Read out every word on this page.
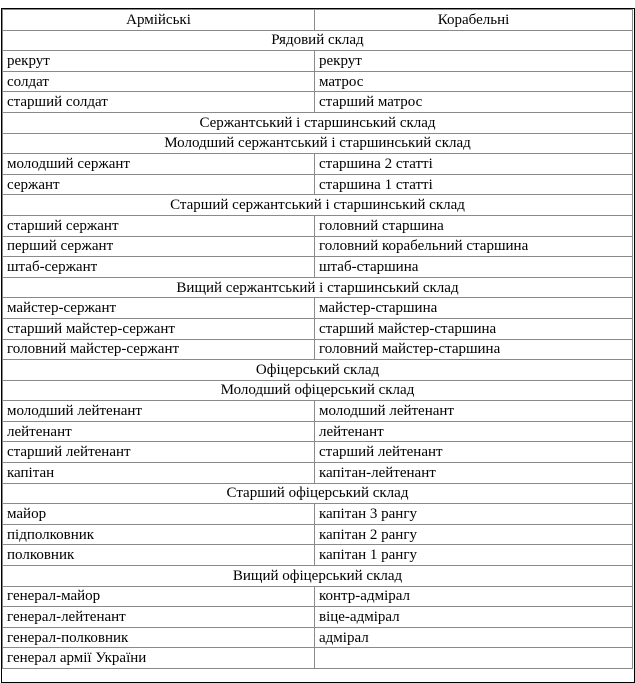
Армійські	Корабельні
Рядовий склад	
рекрут	рекрут
солдат	матрос
старший солдат	старший матрос
Сержантський і старшинський склад	
Молодший сержантський і старшинський склад	
молодший сержант	старшина 2 статті
сержант	старшина 1 статті
Старший сержантський і старшинський склад	
старший сержант	головний старшина
перший сержант	головний корабельний старшина
штаб-сержант	штаб-старшина
Вищий сержантський і старшинський склад	
майстер-сержант	майстер-старшина
старший майстер-сержант	старший майстер-старшина
головний майстер-сержант	головний майстер-старшина
Офіцерський склад	
Молодший офіцерський склад	
молодший лейтенант	молодший лейтенант
лейтенант	лейтенант
старший лейтенант	старший лейтенант
капітан	капітан-лейтенант
Старший офіцерський склад	
майор	капітан 3 рангу
підполковник	капітан 2 рангу
полковник	капітан 1 рангу
Вищий офіцерський склад	
генерал-майор	контр-адмірал
генерал-лейтенант	віце-адмірал
генерал-полковник	адмірал
генерал армії України	
